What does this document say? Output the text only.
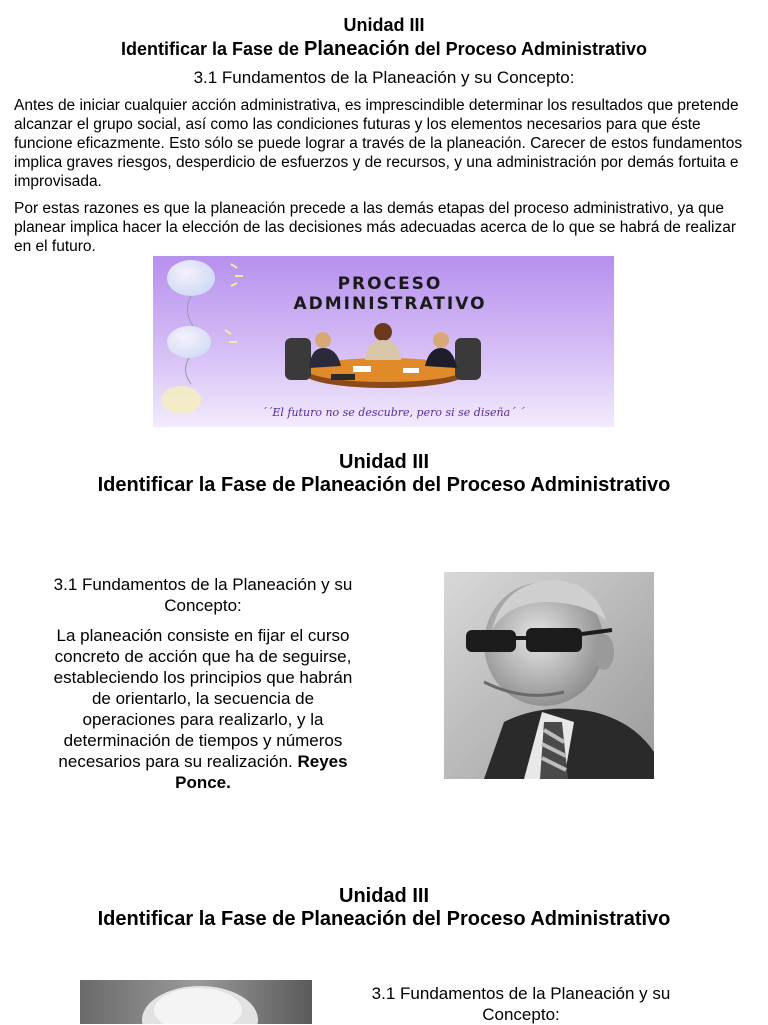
Unidad III
Identificar la Fase de Planeación del Proceso Administrativo
3.1 Fundamentos de la Planeación y su Concepto:

Antes de iniciar cualquier acción administrativa, es imprescindible determinar los resultados que pretende alcanzar el grupo social, así como las condiciones futuras y los elementos necesarios para que éste funcione eficazmente. Esto sólo se puede lograr a través de la planeación. Carecer de estos fundamentos implica graves riesgos, desperdicio de esfuerzos y de recursos, y una administración por demás fortuita e improvisada.

Por estas razones es que la planeación precede a las demás etapas del proceso administrativo, ya que planear implica hacer la elección de las decisiones más adecuadas acerca de lo que se habrá de realizar en el futuro.

PROCESO
ADMINISTRATIVO
´´El futuro no se descubre, pero si se diseña´ ´
Unidad III
Identificar la Fase de Planeación del Proceso Administrativo
3.1 Fundamentos de la Planeación y su Concepto:
La planeación consiste en fijar el curso concreto de acción que ha de seguirse, estableciendo los principios que habrán de orientarlo, la secuencia de operaciones para realizarlo, y la determinación de tiempos y números necesarios para su realización. Reyes Ponce.
Unidad III
Identificar la Fase de Planeación del Proceso Administrativo
3.1 Fundamentos de la Planeación y su Concepto:
